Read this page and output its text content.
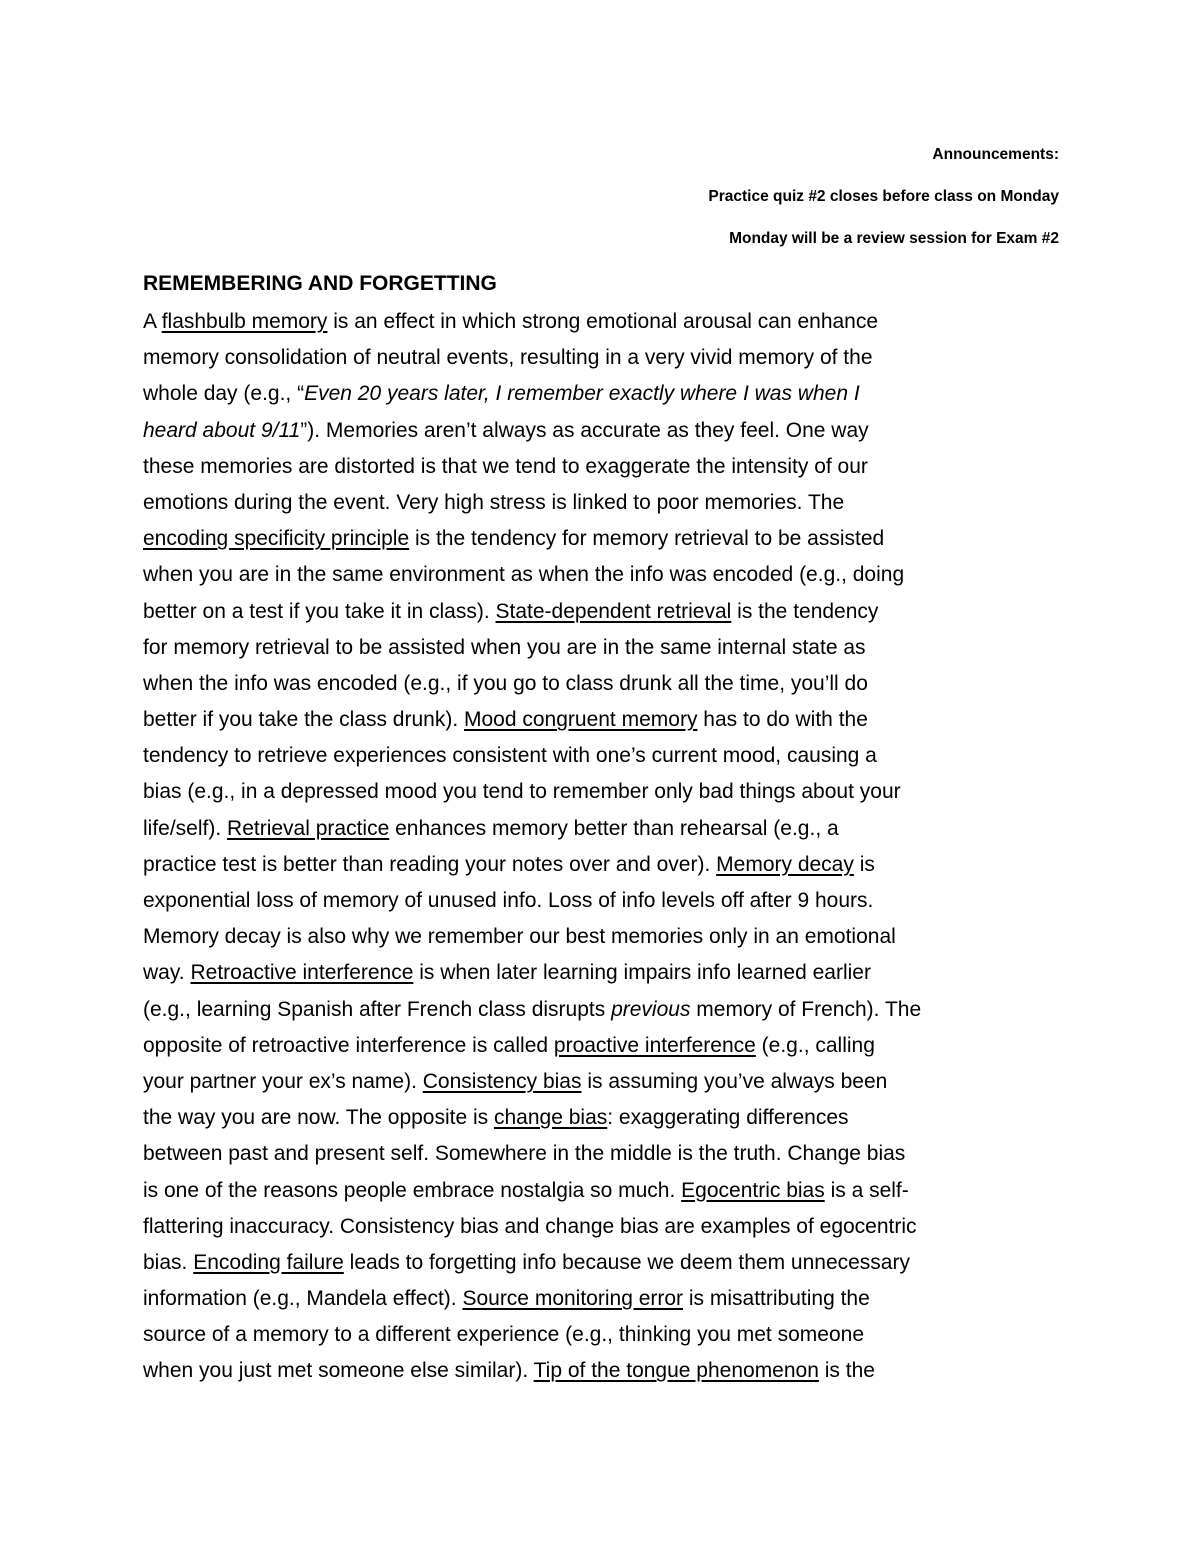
Announcements:
Practice quiz #2 closes before class on Monday
Monday will be a review session for Exam #2
REMEMBERING AND FORGETTING
A flashbulb memory is an effect in which strong emotional arousal can enhance
memory consolidation of neutral events, resulting in a very vivid memory of the
whole day (e.g., “Even 20 years later, I remember exactly where I was when I
heard about 9/11”). Memories aren’t always as accurate as they feel. One way
these memories are distorted is that we tend to exaggerate the intensity of our
emotions during the event. Very high stress is linked to poor memories. The
encoding specificity principle is the tendency for memory retrieval to be assisted
when you are in the same environment as when the info was encoded (e.g., doing
better on a test if you take it in class). State-dependent retrieval is the tendency
for memory retrieval to be assisted when you are in the same internal state as
when the info was encoded (e.g., if you go to class drunk all the time, you’ll do
better if you take the class drunk). Mood congruent memory has to do with the
tendency to retrieve experiences consistent with one’s current mood, causing a
bias (e.g., in a depressed mood you tend to remember only bad things about your
life/self). Retrieval practice enhances memory better than rehearsal (e.g., a
practice test is better than reading your notes over and over). Memory decay is
exponential loss of memory of unused info. Loss of info levels off after 9 hours.
Memory decay is also why we remember our best memories only in an emotional
way. Retroactive interference is when later learning impairs info learned earlier
(e.g., learning Spanish after French class disrupts previous memory of French). The
opposite of retroactive interference is called proactive interference (e.g., calling
your partner your ex’s name). Consistency bias is assuming you’ve always been
the way you are now. The opposite is change bias: exaggerating differences
between past and present self. Somewhere in the middle is the truth. Change bias
is one of the reasons people embrace nostalgia so much. Egocentric bias is a self-
flattering inaccuracy. Consistency bias and change bias are examples of egocentric
bias. Encoding failure leads to forgetting info because we deem them unnecessary
information (e.g., Mandela effect). Source monitoring error is misattributing the
source of a memory to a different experience (e.g., thinking you met someone
when you just met someone else similar). Tip of the tongue phenomenon is the
